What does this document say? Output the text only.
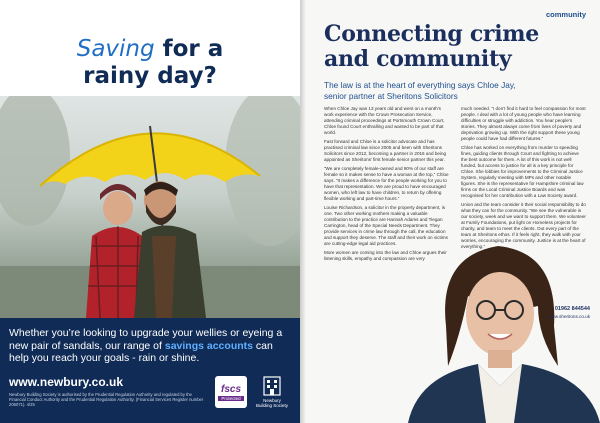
Saving for a
rainy day?
Whether you’re looking to upgrade your wellies or eyeing a new pair of sandals, our range of savings accounts can help you reach your goals - rain or shine.
www.newbury.co.uk
Newbury Building Society is authorised by the Prudential Regulation Authority and regulated by the Financial Conduct Authority and the Prudential Regulation Authority. (Financial Services Register number 206071). 4/25
fscs
Protected	Newbury
Building Society
community
Connecting crime
and community
The law is at the heart of everything says Chloe Jay, senior partner at Sheritons Solicitors

When Chloe Jay was 13 years old and went on a month’s work experience with the Crown Prosecution Service, attending criminal proceedings at Portsmouth Crown Court, Chloe found Court enthralling and wanted to be part of that world.

Fast forward and Chloe is a solicitor advocate and has practised criminal law since 2005 and been with Sheritons Solicitors since 2012, becoming a partner in 2016 and being appointed as Sheritons’ first female senior partner this year.

“We are completely female-owned and 90% of our staff are female so it makes sense to have a woman at the top,” Chloe says. “It makes a difference for the people working for you to have that representation. We are proud to have encouraged women, who left law to have children, to return by offering flexible working and part-time hours.”

Louise Richardson, a solicitor in the property department, is one. Two other working mothers making a valuable contribution to the practice are Hannah Adams and Tiegan Carrington, head of the Special Needs Department. They provide services in crime law through the call, the education and support they deserve. The staff and their work on victims are cutting-edge legal aid practices.

More women are coming into the law and Chloe argues their listening skills, empathy and compassion are very

much needed. “I don’t find it hard to feel compassion for most people. I deal with a lot of young people who have learning difficulties or struggle with addiction. You hear people’s stories. They almost always come from lives of poverty and deprivation growing up. With the right support these young people could have had different futures.”

Chloe has worked on everything from murder to speeding fines, guiding clients through Court and fighting to achieve the best outcome for them. A lot of this work is not well funded, but access to justice for all is a key principle for Chloe. She lobbies for improvements to the Criminal Justice System, regularly meeting with MPs and other notable figures. She is the representative for Hampshire criminal law firms on the Local Criminal Justice Boards and was recognised for her contribution with a Law Society award.

Union and the team consider it their social responsibility to do what they can for the community. “We see the vulnerable in our society, week and we want to support them. We volunteer at Family Foundations, put light on Homeless projects for charity, and team to meet the clients. Out every part of the team at Sheritons ethos. If it feels right, they walk with your worries, encouraging the community. Justice is at the heart of everything.”

01962 844544
www.sheritons.co.uk
